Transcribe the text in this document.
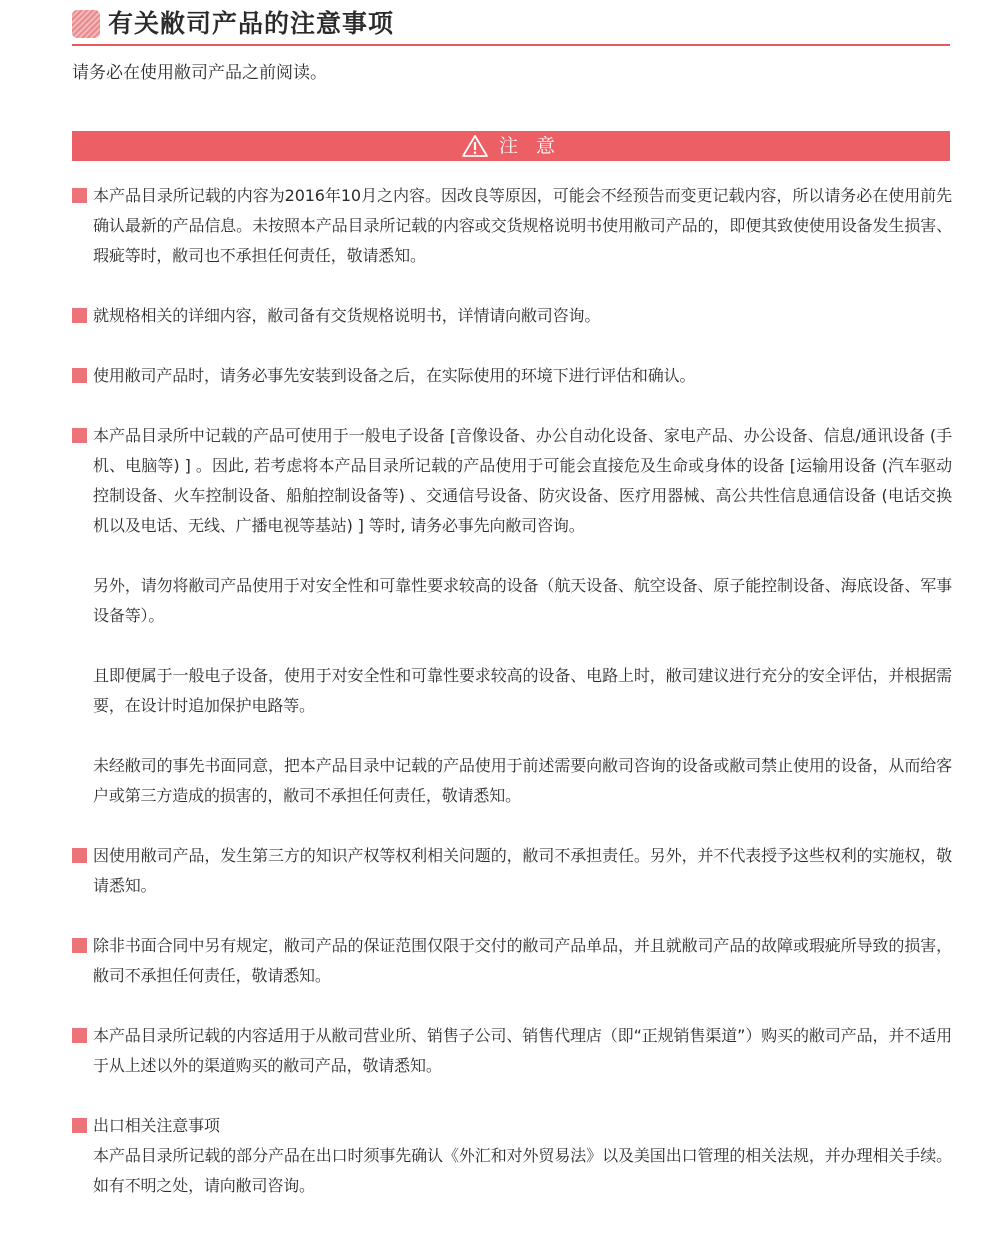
有关敝司产品的注意事项
请务必在使用敝司产品之前阅读。
注 意

本产品目录所记载的内容为2016年10月之内容。因改良等原因，可能会不经预告而变更记载内容，所以请务必在使用前先确认最新的产品信息。未按照本产品目录所记载的内容或交货规格说明书使用敝司产品的，即便其致使使用设备发生损害、瑕疵等时，敝司也不承担任何责任，敬请悉知。

就规格相关的详细内容，敝司备有交货规格说明书，详情请向敝司咨询。

使用敝司产品时，请务必事先安装到设备之后，在实际使用的环境下进行评估和确认。

本产品目录所中记载的产品可使用于一般电子设备 [音像设备、办公自动化设备、家电产品、办公设备、信息/通讯设备 (手机、电脑等) ] 。因此, 若考虑将本产品目录所记载的产品使用于可能会直接危及生命或身体的设备 [运输用设备 (汽车驱动控制设备、火车控制设备、船舶控制设备等) 、交通信号设备、防灾设备、医疗用器械、高公共性信息通信设备 (电话交换机以及电话、无线、广播电视等基站) ] 等时, 请务必事先向敝司咨询。

另外，请勿将敝司产品使用于对安全性和可靠性要求较高的设备（航天设备、航空设备、原子能控制设备、海底设备、军事设备等）。

且即便属于一般电子设备，使用于对安全性和可靠性要求较高的设备、电路上时，敝司建议进行充分的安全评估，并根据需要，在设计时追加保护电路等。

未经敝司的事先书面同意，把本产品目录中记载的产品使用于前述需要向敝司咨询的设备或敝司禁止使用的设备，从而给客户或第三方造成的损害的，敝司不承担任何责任，敬请悉知。

因使用敝司产品，发生第三方的知识产权等权利相关问题的，敝司不承担责任。另外，并不代表授予这些权利的实施权，敬请悉知。

除非书面合同中另有规定，敝司产品的保证范围仅限于交付的敝司产品单品，并且就敝司产品的故障或瑕疵所导致的损害，敝司不承担任何责任，敬请悉知。

本产品目录所记载的内容适用于从敝司营业所、销售子公司、销售代理店（即“正规销售渠道”）购买的敝司产品，并不适用于从上述以外的渠道购买的敝司产品，敬请悉知。

出口相关注意事项
本产品目录所记载的部分产品在出口时须事先确认《外汇和对外贸易法》以及美国出口管理的相关法规，并办理相关手续。如有不明之处，请向敝司咨询。
